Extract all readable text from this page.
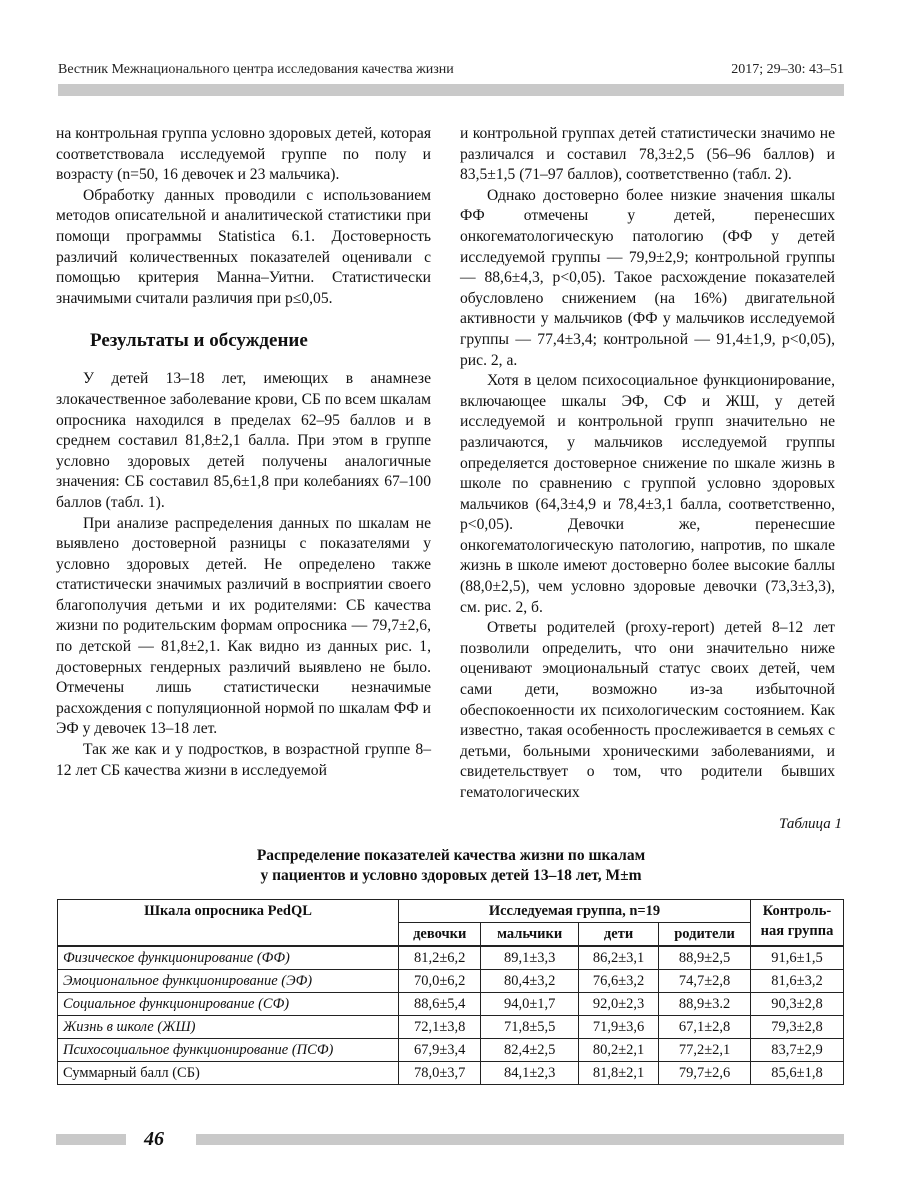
Вестник Межнационального центра исследования качества жизни	2017; 29–30: 43–51

на контрольная группа условно здоровых детей, которая соответствовала исследуемой группе по полу и возрасту (n=50, 16 девочек и 23 мальчика).

Обработку данных проводили с использованием методов описательной и аналитической статистики при помощи программы Statistica 6.1. Достоверность различий количественных показателей оценивали с помощью критерия Манна–Уитни. Статистически значимыми считали различия при p≤0,05.

Результаты и обсуждение

У детей 13–18 лет, имеющих в анамнезе злокачественное заболевание крови, СБ по всем шкалам опросника находился в пределах 62–95 баллов и в среднем составил 81,8±2,1 балла. При этом в группе условно здоровых детей получены аналогичные значения: СБ составил 85,6±1,8 при колебаниях 67–100 баллов (табл. 1).

При анализе распределения данных по шкалам не выявлено достоверной разницы с показателями у условно здоровых детей. Не определено также статистически значимых различий в восприятии своего благополучия детьми и их родителями: СБ качества жизни по родительским формам опросника — 79,7±2,6, по детской — 81,8±2,1. Как видно из данных рис. 1, достоверных гендерных различий выявлено не было. Отмечены лишь статистически незначимые расхождения с популяционной нормой по шкалам ФФ и ЭФ у девочек 13–18 лет.

Так же как и у подростков, в возрастной группе 8–12 лет СБ качества жизни в исследуемой

и контрольной группах детей статистически значимо не различался и составил 78,3±2,5 (56–96 баллов) и 83,5±1,5 (71–97 баллов), соответственно (табл. 2).

Однако достоверно более низкие значения шкалы ФФ отмечены у детей, перенесших онкогематологическую патологию (ФФ у детей исследуемой группы — 79,9±2,9; контрольной группы — 88,6±4,3, p<0,05). Такое расхождение показателей обусловлено снижением (на 16%) двигательной активности у мальчиков (ФФ у мальчиков исследуемой группы — 77,4±3,4; контрольной — 91,4±1,9, p<0,05), рис. 2, а.

Хотя в целом психосоциальное функционирование, включающее шкалы ЭФ, СФ и ЖШ, у детей исследуемой и контрольной групп значительно не различаются, у мальчиков исследуемой группы определяется достоверное снижение по шкале жизнь в школе по сравнению с группой условно здоровых мальчиков (64,3±4,9 и 78,4±3,1 балла, соответственно, p<0,05). Девочки же, перенесшие онкогематологическую патологию, напротив, по шкале жизнь в школе имеют достоверно более высокие баллы (88,0±2,5), чем условно здоровые девочки (73,3±3,3), см. рис. 2, б.

Ответы родителей (proxy-report) детей 8–12 лет позволили определить, что они значительно ниже оценивают эмоциональный статус своих детей, чем сами дети, возможно из-за избыточной обеспокоенности их психологическим состоянием. Как известно, такая особенность прослеживается в семьях с детьми, больными хроническими заболеваниями, и свидетельствует о том, что родители бывших гематологических

Таблица 1
Распределение показателей качества жизни по шкалам
у пациентов и условно здоровых детей 13–18 лет, M±m
Шкала опросника PedQL	Исследуемая группа, n=19				Контроль-ная группа
	девочки	мальчики	дети	родители	
Физическое функционирование (ФФ)	81,2±6,2	89,1±3,3	86,2±3,1	88,9±2,5	91,6±1,5
Эмоциональное функционирование (ЭФ)	70,0±6,2	80,4±3,2	76,6±3,2	74,7±2,8	81,6±3,2
Социальное функционирование (СФ)	88,6±5,4	94,0±1,7	92,0±2,3	88,9±3.2	90,3±2,8
Жизнь в школе (ЖШ)	72,1±3,8	71,8±5,5	71,9±3,6	67,1±2,8	79,3±2,8
Психосоциальное функционирование (ПСФ)	67,9±3,4	82,4±2,5	80,2±2,1	77,2±2,1	83,7±2,9
Суммарный балл (СБ)	78,0±3,7	84,1±2,3	81,8±2,1	79,7±2,6	85,6±1,8
46
